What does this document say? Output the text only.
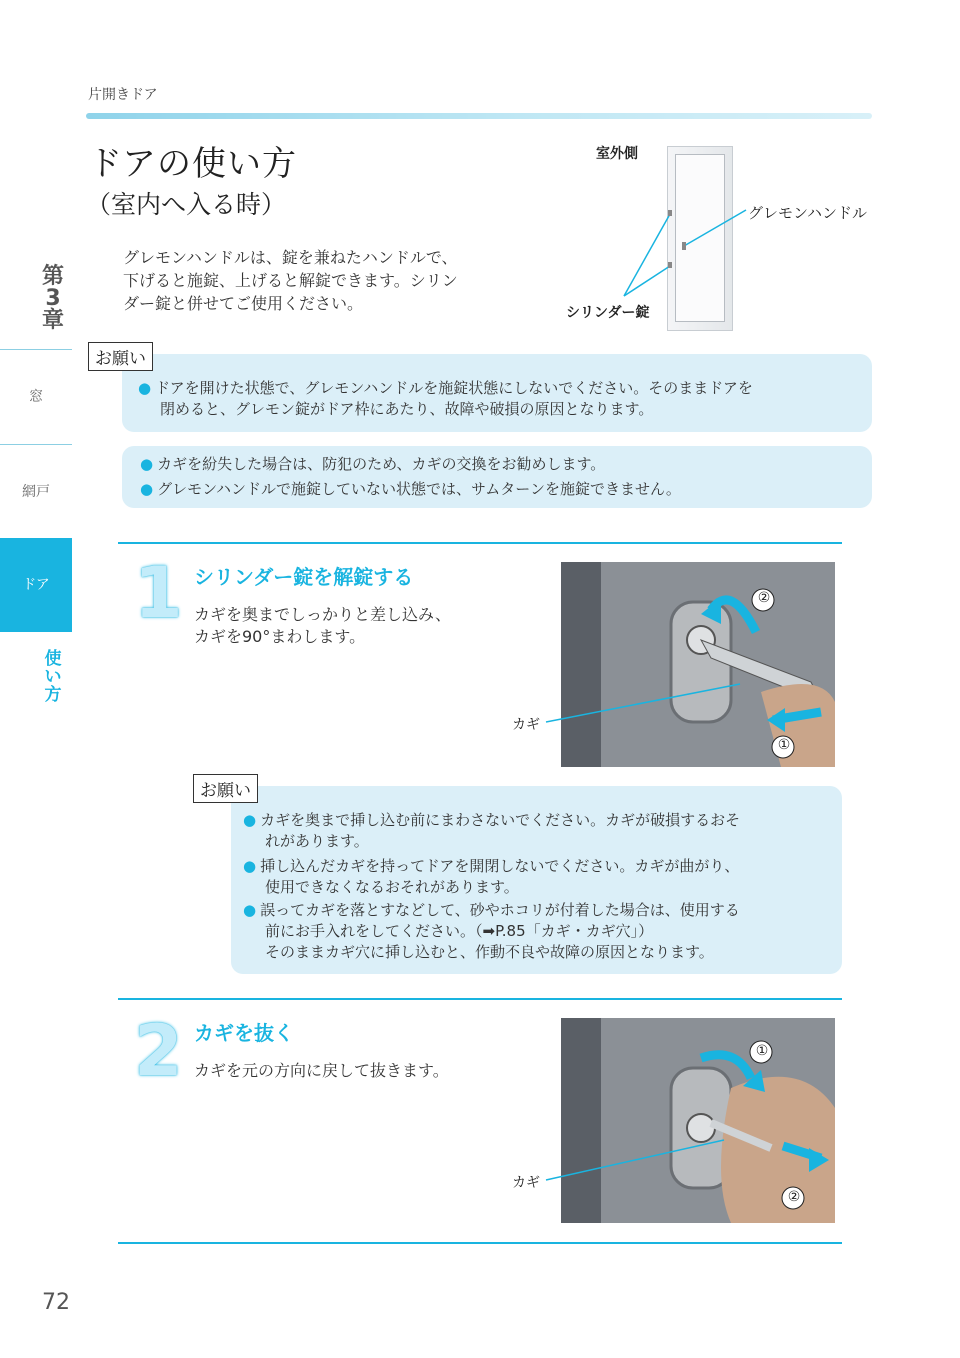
片開きドア
ドアの使い方
（室内へ入る時）
グレモンハンドルは、錠を兼ねたハンドルで、
下げると施錠、上げると解錠できます。シリン
ダー錠と併せてご使用ください。
第
3
章
窓
網戸
ドア
使
い
方
室外側
グレモンハンドル
シリンダー錠
お願い
● ドアを開けた状態で、グレモンハンドルを施錠状態にしないでください。そのままドアを
閉めると、グレモン錠がドア枠にあたり、故障や破損の原因となります。
● カギを紛失した場合は、防犯のため、カギの交換をお勧めします。
● グレモンハンドルで施錠していない状態では、サムターンを施錠できません。
1 シリンダー錠を解錠する
カギを奥までしっかりと差し込み、
カギを90°まわします。
②
①
カギ
お願い
● カギを奥まで挿し込む前にまわさないでください。カギが破損するおそ
れがあります。
● 挿し込んだカギを持ってドアを開閉しないでください。カギが曲がり、
使用できなくなるおそれがあります。
● 誤ってカギを落とすなどして、砂やホコリが付着した場合は、使用する
前にお手入れをしてください。（➡P.85「カギ・カギ穴」）
そのままカギ穴に挿し込むと、作動不良や故障の原因となります。
2 カギを抜く
カギを元の方向に戻して抜きます。
①
②
カギ
72
